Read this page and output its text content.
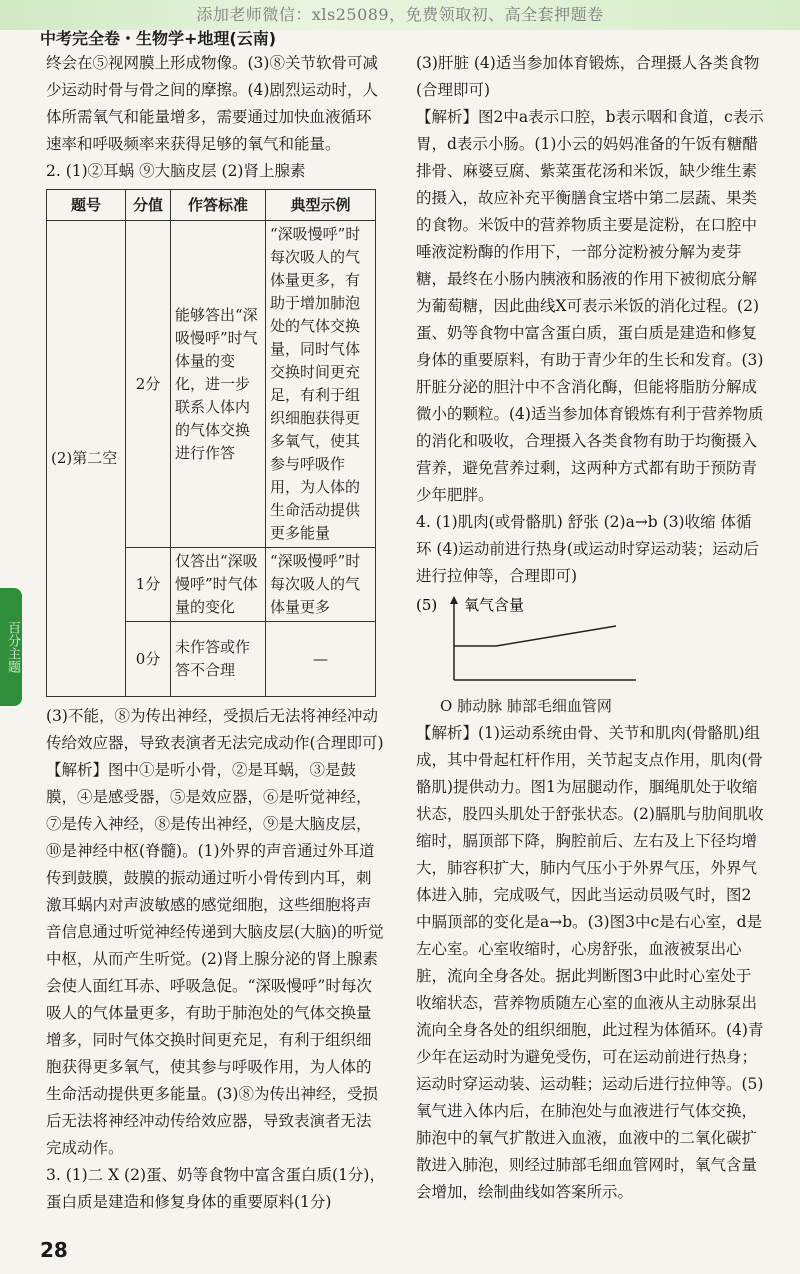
添加老师微信：xls25089，免费领取初、高全套押题卷
中考完全卷・生物学+地理(云南)
百分主题

终会在⑤视网膜上形成物像。(3)⑧关节软骨可减少运动时骨与骨之间的摩擦。(4)剧烈运动时，人体所需氧气和能量增多，需要通过加快血液循环速率和呼吸频率来获得足够的氧气和能量。

2. (1)②耳蜗 ⑨大脑皮层 (2)肾上腺素

题号	分值	作答标准	典型示例
(2)第二空	2分	能够答出“深吸慢呼”时气体量的变化，进一步联系人体内的气体交换进行作答	“深吸慢呼”时每次吸人的气体量更多，有助于增加肺泡处的气体交换量，同时气体交换时间更充足，有利于组织细胞获得更多氧气，使其参与呼吸作用，为人体的生命活动提供更多能量
	1分	仅答出“深吸慢呼”时气体量的变化	“深吸慢呼”时每次吸人的气体量更多
	0分	未作答或作答不合理	—

(3)不能，⑧为传出神经，受损后无法将神经冲动传给效应器，导致表演者无法完成动作(合理即可)

【解析】图中①是听小骨，②是耳蜗，③是鼓膜，④是感受器，⑤是效应器，⑥是听觉神经，⑦是传入神经，⑧是传出神经，⑨是大脑皮层，⑩是神经中枢(脊髓)。(1)外界的声音通过外耳道传到鼓膜，鼓膜的振动通过听小骨传到内耳，刺激耳蜗内对声波敏感的感觉细胞，这些细胞将声音信息通过听觉神经传递到大脑皮层(大脑)的听觉中枢，从而产生听觉。(2)肾上腺分泌的肾上腺素会使人面红耳赤、呼吸急促。“深吸慢呼”时每次吸人的气体量更多，有助于肺泡处的气体交换量增多，同时气体交换时间更充足，有利于组织细胞获得更多氧气，使其参与呼吸作用，为人体的生命活动提供更多能量。(3)⑧为传出神经，受损后无法将神经冲动传给效应器，导致表演者无法完成动作。

3. (1)二 X (2)蛋、奶等食物中富含蛋白质(1分)，蛋白质是建造和修复身体的重要原料(1分)

(3)肝脏 (4)适当参加体育锻炼，合理摄人各类食物(合理即可)

【解析】图2中a表示口腔，b表示咽和食道，c表示胃，d表示小肠。(1)小云的妈妈准备的午饭有糖醋排骨、麻婆豆腐、紫菜蛋花汤和米饭，缺少维生素的摄入，故应补充平衡膳食宝塔中第二层蔬、果类的食物。米饭中的营养物质主要是淀粉，在口腔中唾液淀粉酶的作用下，一部分淀粉被分解为麦芽糖，最终在小肠内胰液和肠液的作用下被彻底分解为葡萄糖，因此曲线X可表示米饭的消化过程。(2)蛋、奶等食物中富含蛋白质，蛋白质是建造和修复身体的重要原料，有助于青少年的生长和发育。(3)肝脏分泌的胆汁中不含消化酶，但能将脂肪分解成微小的颗粒。(4)适当参加体育锻炼有利于营养物质的消化和吸收，合理摄入各类食物有助于均衡摄入营养，避免营养过剩，这两种方式都有助于预防青少年肥胖。

4. (1)肌肉(或骨骼肌) 舒张 (2)a→b (3)收缩 体循环 (4)运动前进行热身(或运动时穿运动装；运动后进行拉伸等，合理即可)

(5) 氧气含量
O 肺动脉 肺部毛细血管网

【解析】(1)运动系统由骨、关节和肌肉(骨骼肌)组成，其中骨起杠杆作用，关节起支点作用，肌肉(骨骼肌)提供动力。图1为屈腿动作，腘绳肌处于收缩状态，股四头肌处于舒张状态。(2)膈肌与肋间肌收缩时，膈顶部下降，胸腔前后、左右及上下径均增大，肺容积扩大，肺内气压小于外界气压，外界气体进入肺，完成吸气，因此当运动员吸气时，图2中膈顶部的变化是a→b。(3)图3中c是右心室，d是左心室。心室收缩时，心房舒张，血液被泵出心脏，流向全身各处。据此判断图3中此时心室处于收缩状态，营养物质随左心室的血液从主动脉泵出流向全身各处的组织细胞，此过程为体循环。(4)青少年在运动时为避免受伤，可在运动前进行热身；运动时穿运动装、运动鞋；运动后进行拉伸等。(5)氧气进入体内后，在肺泡处与血液进行气体交换，肺泡中的氧气扩散进入血液，血液中的二氧化碳扩散进入肺泡，则经过肺部毛细血管网时，氧气含量会增加，绘制曲线如答案所示。

28
